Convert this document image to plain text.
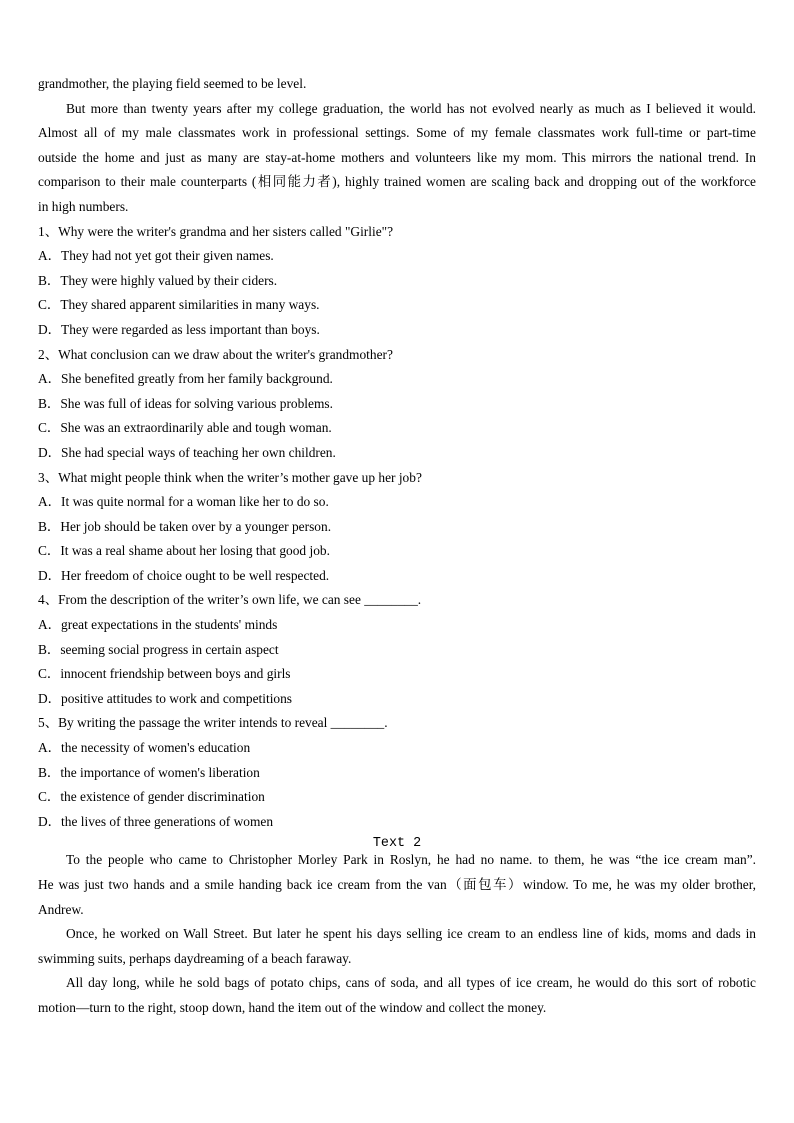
grandmother, the playing field seemed to be level.
But more than twenty years after my college graduation, the world has not evolved nearly as much as I believed it would.
Almost all of my male classmates work in professional settings. Some of my female classmates work full-time or part-time
outside the home and just as many are stay-at-home mothers and volunteers like my mom. This mirrors the national trend. In
comparison to their male counterparts (相同能力者), highly trained women are scaling back and dropping out of the workforce
in high numbers.
1、Why were the writer's grandma and her sisters called "Girlie"?
A．They had not yet got their given names.
B．They were highly valued by their ciders.
C．They shared apparent similarities in many ways.
D．They were regarded as less important than boys.
2、What conclusion can we draw about the writer's grandmother?
A．She benefited greatly from her family background.
B．She was full of ideas for solving various problems.
C．She was an extraordinarily able and tough woman.
D．She had special ways of teaching her own children.
3、What might people think when the writer’s mother gave up her job?
A．It was quite normal for a woman like her to do so.
B．Her job should be taken over by a younger person.
C．It was a real shame about her losing that good job.
D．Her freedom of choice ought to be well respected.
4、From the description of the writer’s own life, we can see ________.
A．great expectations in the students' minds
B．seeming social progress in certain aspect
C．innocent friendship between boys and girls
D．positive attitudes to work and competitions
5、By writing the passage the writer intends to reveal ________.
A．the necessity of women's education
B．the importance of women's liberation
C．the existence of gender discrimination
D．the lives of three generations of women
Text 2
To the people who came to Christopher Morley Park in Roslyn, he had no name. to them, he was “the ice cream man”.
He was just two hands and a smile handing back ice cream from the van（面包车）window. To me, he was my older brother,
Andrew.
Once, he worked on Wall Street. But later he spent his days selling ice cream to an endless line of kids, moms and dads in
swimming suits, perhaps daydreaming of a beach faraway.
All day long, while he sold bags of potato chips, cans of soda, and all types of ice cream, he would do this sort of robotic
motion—turn to the right, stoop down, hand the item out of the window and collect the money.
